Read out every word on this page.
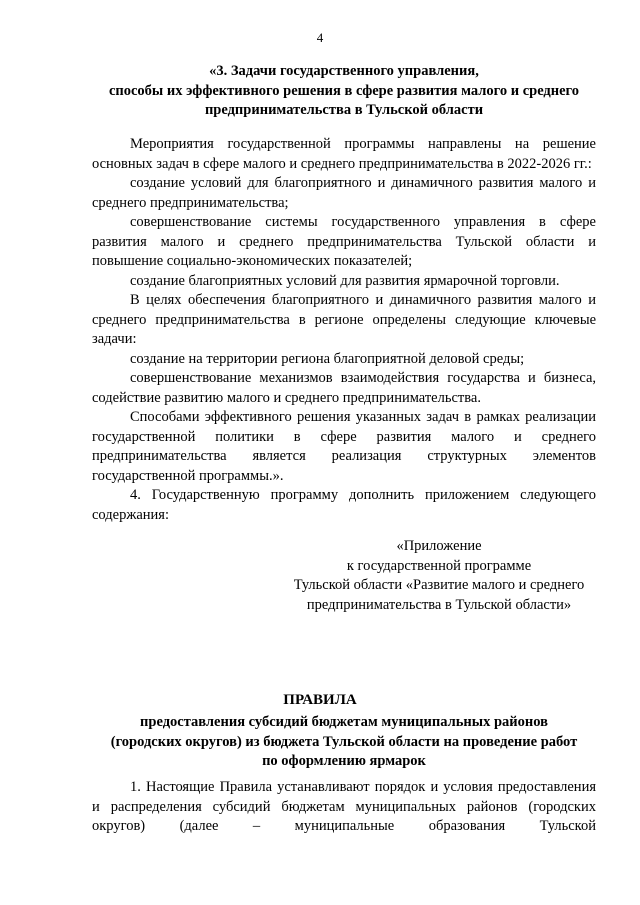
4
«3. Задачи государственного управления,
способы их эффективного решения в сфере развития малого и среднего
предпринимательства в Тульской области

Мероприятия государственной программы направлены на решение основных задач в сфере малого и среднего предпринимательства в 2022-2026 гг.:

создание условий для благоприятного и динамичного развития малого и среднего предпринимательства;

совершенствование системы государственного управления в сфере развития малого и среднего предпринимательства Тульской области и повышение социально-экономических показателей;

создание благоприятных условий для развития ярмарочной торговли.

В целях обеспечения благоприятного и динамичного развития малого и среднего предпринимательства в регионе определены следующие ключевые задачи:

создание на территории региона благоприятной деловой среды;

совершенствование механизмов взаимодействия государства и бизнеса, содействие развитию малого и среднего предпринимательства.

Способами эффективного решения указанных задач в рамках реализации государственной политики в сфере развития малого и среднего предпринимательства является реализация структурных элементов государственной программы.».

4. Государственную программу дополнить приложением следующего содержания:

«Приложение
к государственной программе
Тульской области «Развитие малого и среднего
предпринимательства в Тульской области»
ПРАВИЛА
предоставления субсидий бюджетам муниципальных районов
(городских округов) из бюджета Тульской области на проведение работ
по оформлению ярмарок

1. Настоящие Правила устанавливают порядок и условия предоставления и распределения субсидий бюджетам муниципальных районов (городских округов) (далее – муниципальные образования Тульской
